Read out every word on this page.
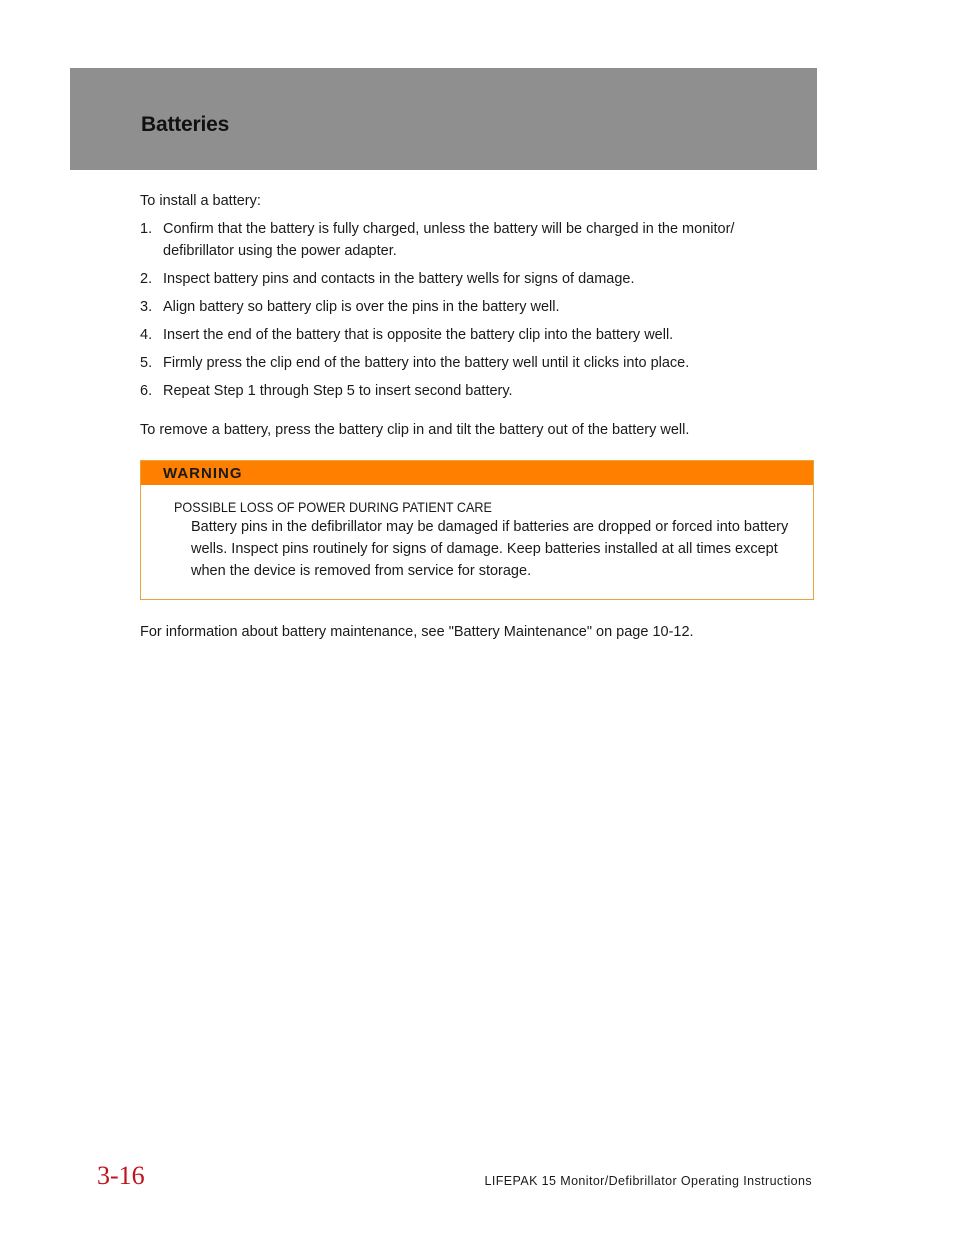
Batteries

To install a battery:

1. Confirm that the battery is fully charged, unless the battery will be charged in the monitor/ defibrillator using the power adapter.
2. Inspect battery pins and contacts in the battery wells for signs of damage.
3. Align battery so battery clip is over the pins in the battery well.
4. Insert the end of the battery that is opposite the battery clip into the battery well.
5. Firmly press the clip end of the battery into the battery well until it clicks into place.
6. Repeat Step 1 through Step 5 to insert second battery.

To remove a battery, press the battery clip in and tilt the battery out of the battery well.

WARNING
POSSIBLE LOSS OF POWER DURING PATIENT CARE
Battery pins in the defibrillator may be damaged if batteries are dropped or forced into battery wells. Inspect pins routinely for signs of damage. Keep batteries installed at all times except when the device is removed from service for storage.

For information about battery maintenance, see "Battery Maintenance" on page 10-12.

3-16	LIFEPAK 15 Monitor/Defibrillator Operating Instructions
